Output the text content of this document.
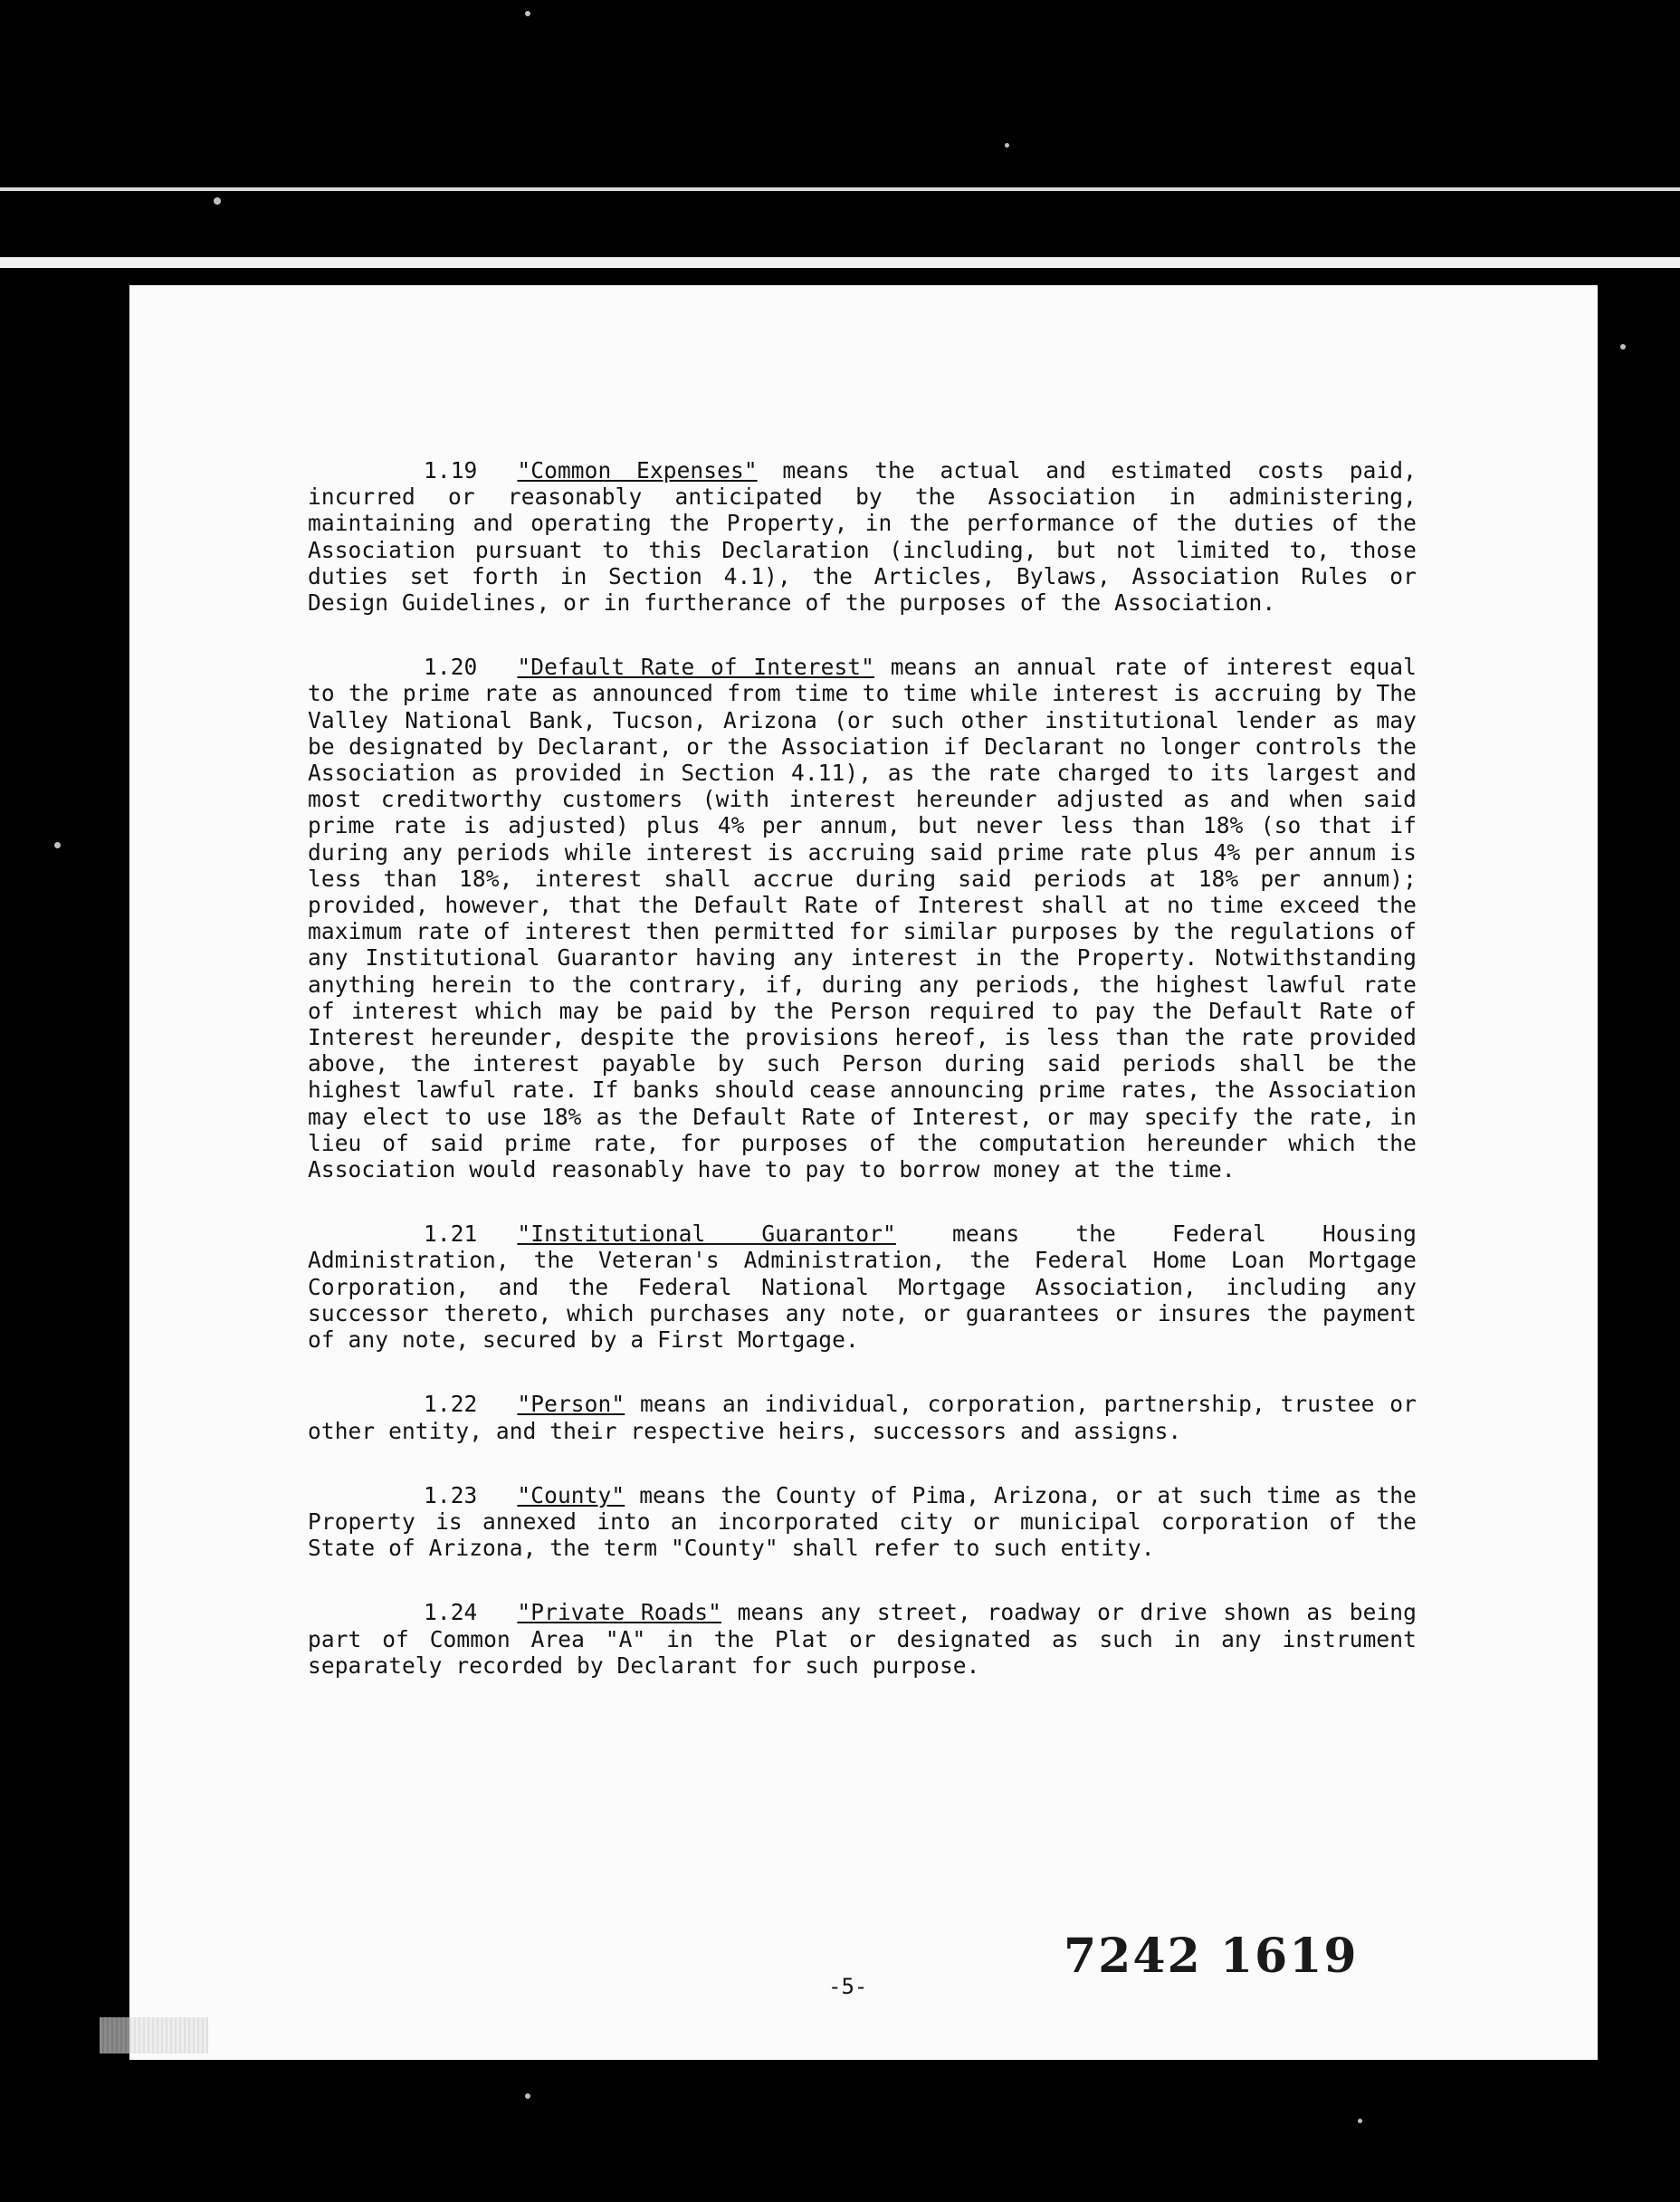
1.19 "Common Expenses" means the actual and estimated costs paid, incurred or reasonably anticipated by the Association in administering, maintaining and operating the Property, in the performance of the duties of the Association pursuant to this Declaration (including, but not limited to, those duties set forth in Section 4.1), the Articles, Bylaws, Association Rules or Design Guidelines, or in furtherance of the purposes of the Association.

1.20 "Default Rate of Interest" means an annual rate of interest equal to the prime rate as announced from time to time while interest is accruing by The Valley National Bank, Tucson, Arizona (or such other institutional lender as may be designated by Declarant, or the Association if Declarant no longer controls the Association as provided in Section 4.11), as the rate charged to its largest and most creditworthy customers (with interest hereunder adjusted as and when said prime rate is adjusted) plus 4% per annum, but never less than 18% (so that if during any periods while interest is accruing said prime rate plus 4% per annum is less than 18%, interest shall accrue during said periods at 18% per annum); provided, however, that the Default Rate of Interest shall at no time exceed the maximum rate of interest then permitted for similar purposes by the regulations of any Institutional Guarantor having any interest in the Property. Notwithstanding anything herein to the contrary, if, during any periods, the highest lawful rate of interest which may be paid by the Person required to pay the Default Rate of Interest hereunder, despite the provisions hereof, is less than the rate provided above, the interest payable by such Person during said periods shall be the highest lawful rate. If banks should cease announcing prime rates, the Association may elect to use 18% as the Default Rate of Interest, or may specify the rate, in lieu of said prime rate, for purposes of the computation hereunder which the Association would reasonably have to pay to borrow money at the time.

1.21 "Institutional Guarantor" means the Federal Housing Administration, the Veteran's Administration, the Federal Home Loan Mortgage Corporation, and the Federal National Mortgage Association, including any successor thereto, which purchases any note, or guarantees or insures the payment of any note, secured by a First Mortgage.

1.22 "Person" means an individual, corporation, partnership, trustee or other entity, and their respective heirs, successors and assigns.

1.23 "County" means the County of Pima, Arizona, or at such time as the Property is annexed into an incorporated city or municipal corporation of the State of Arizona, the term "County" shall refer to such entity.

1.24 "Private Roads" means any street, roadway or drive shown as being part of Common Area "A" in the Plat or designated as such in any instrument separately recorded by Declarant for such purpose.

7242 1619
-5-
